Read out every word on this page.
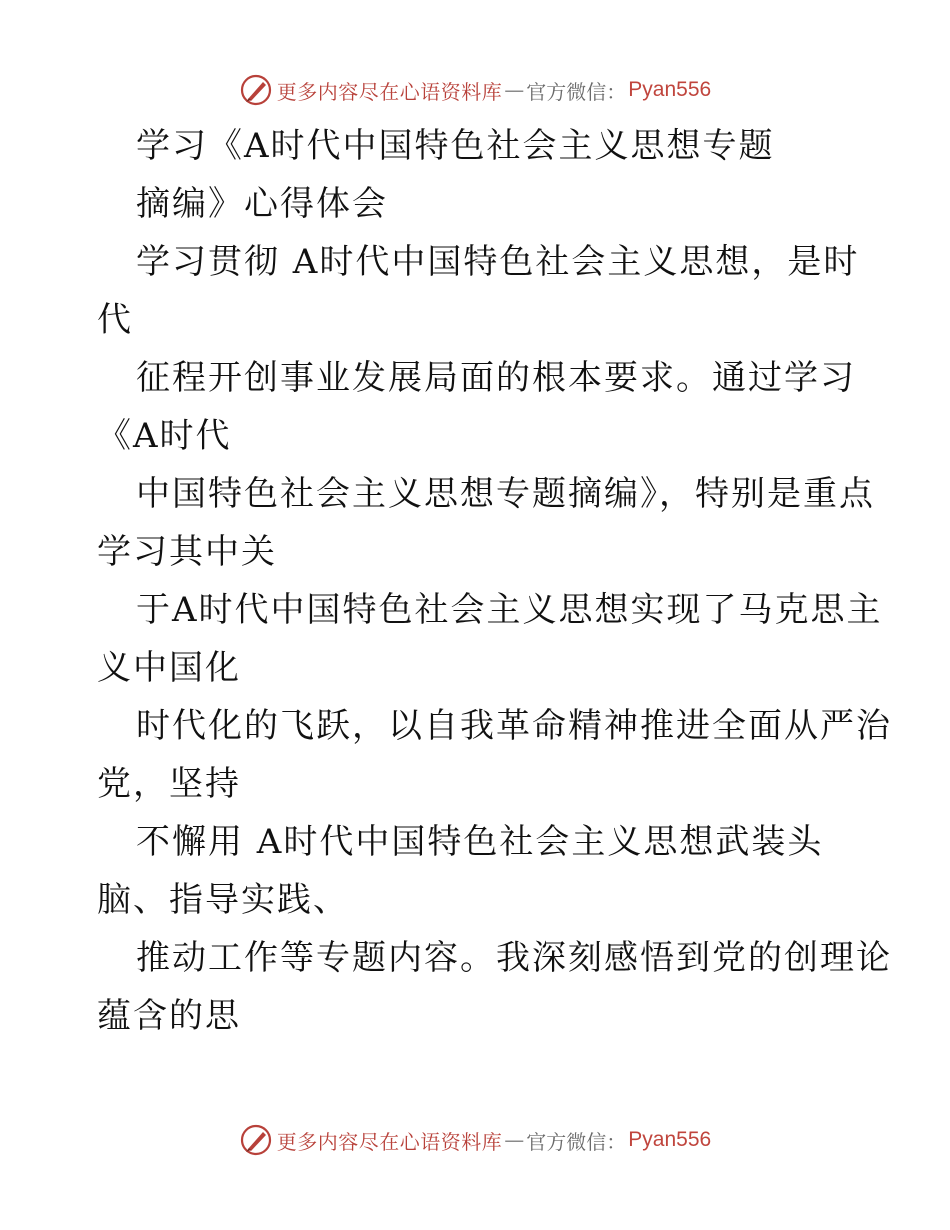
更多内容尽在心语资料库 — 官方微信： Pyan556
学习《A时代中国特色社会主义思想专题
摘编》心得体会
学习贯彻 A时代中国特色社会主义思想，是时
代
征程开创事业发展局面的根本要求。通过学习
《A时代
中国特色社会主义思想专题摘编》，特别是重点
学习其中关
于A时代中国特色社会主义思想实现了马克思主
义中国化
时代化的飞跃，以自我革命精神推进全面从严治
党，坚持
不懈用 A时代中国特色社会主义思想武装头
脑、指导实践、
推动工作等专题内容。我深刻感悟到党的创理论
蕴含的思
更多内容尽在心语资料库 — 官方微信： Pyan556
